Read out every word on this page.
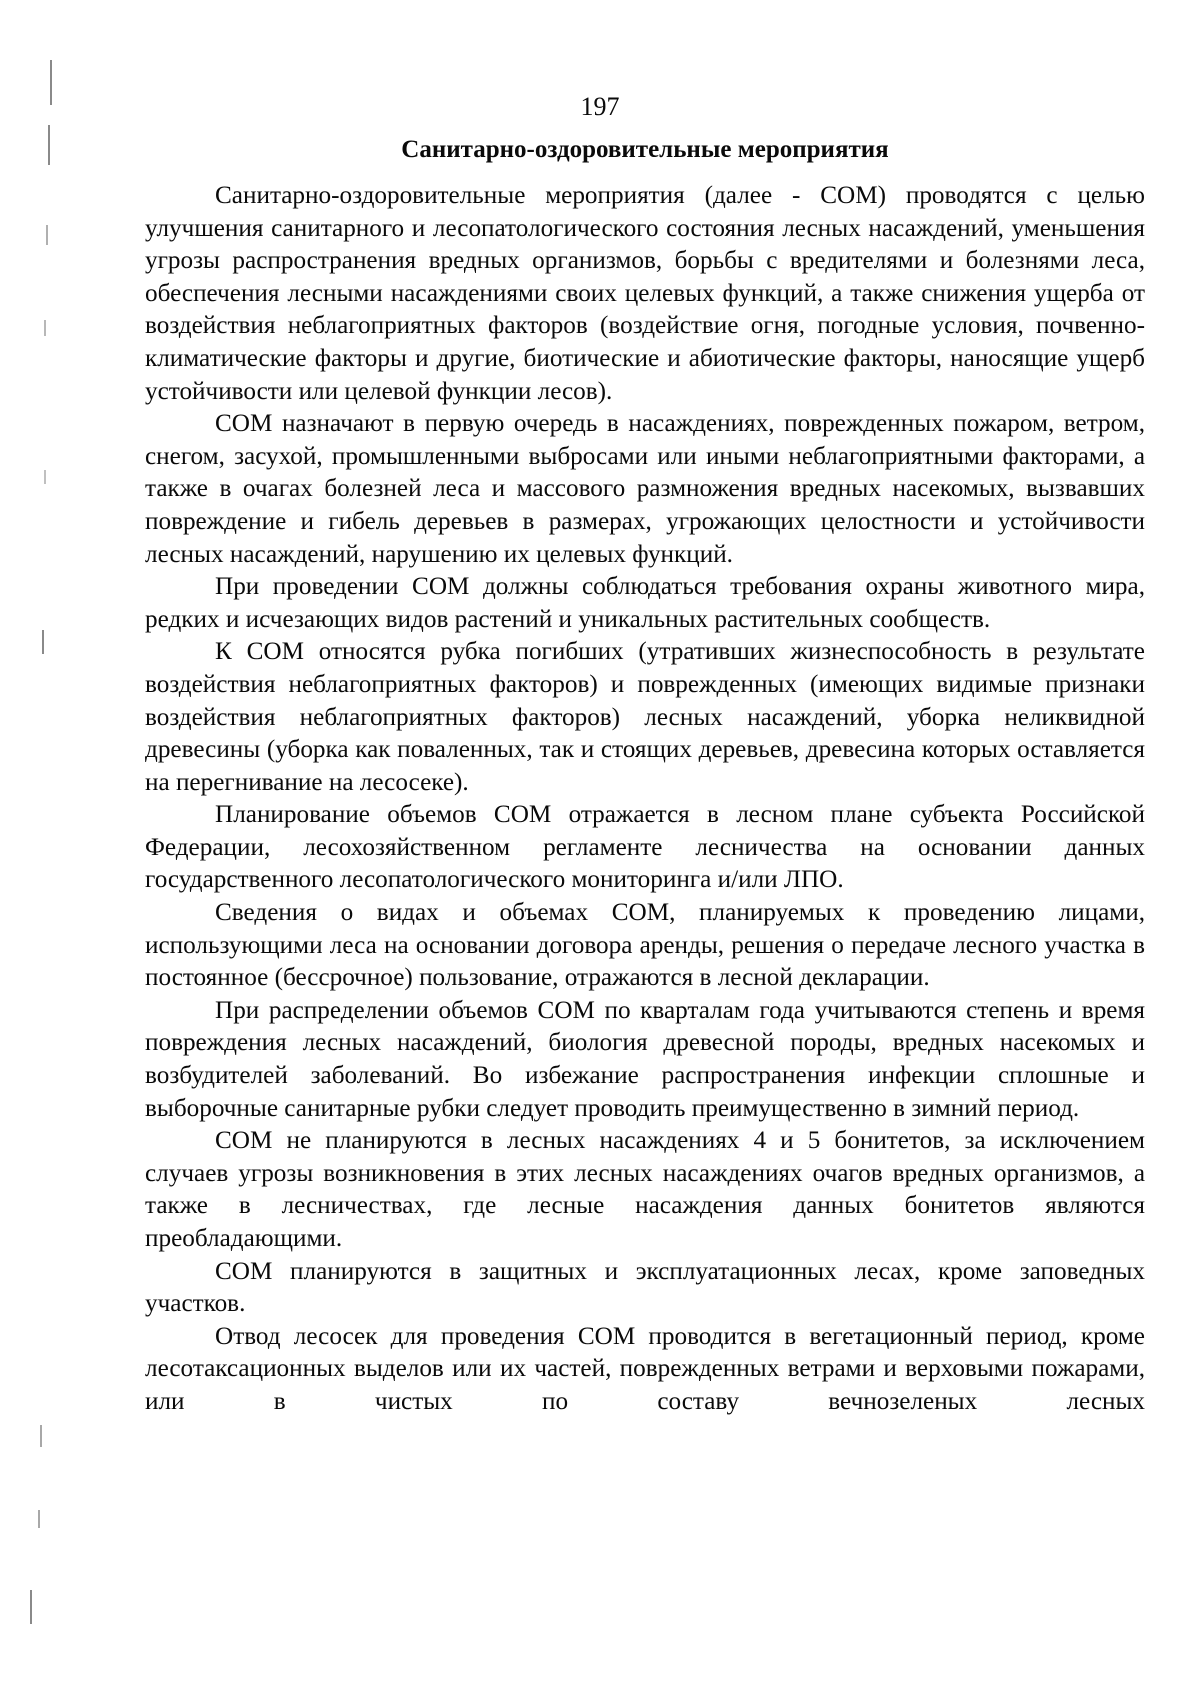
197
Санитарно-оздоровительные мероприятия

Санитарно-оздоровительные мероприятия (далее - СОМ) проводятся с целью улучшения санитарного и лесопатологического состояния лесных насаждений, уменьшения угрозы распространения вредных организмов, борьбы с вредителями и болезнями леса, обеспечения лесными насаждениями своих целевых функций, а также снижения ущерба от воздействия неблагоприятных факторов (воздействие огня, погодные условия, почвенно-климатические факторы и другие, биотические и абиотические факторы, наносящие ущерб устойчивости или целевой функции лесов).

СОМ назначают в первую очередь в насаждениях, поврежденных пожаром, ветром, снегом, засухой, промышленными выбросами или иными неблагоприятными факторами, а также в очагах болезней леса и массового размножения вредных насекомых, вызвавших повреждение и гибель деревьев в размерах, угрожающих целостности и устойчивости лесных насаждений, нарушению их целевых функций.

При проведении СОМ должны соблюдаться требования охраны животного мира, редких и исчезающих видов растений и уникальных растительных сообществ.

К СОМ относятся рубка погибших (утративших жизнеспособность в результате воздействия неблагоприятных факторов) и поврежденных (имеющих видимые признаки воздействия неблагоприятных факторов) лесных насаждений, уборка неликвидной древесины (уборка как поваленных, так и стоящих деревьев, древесина которых оставляется на перегнивание на лесосеке).

Планирование объемов СОМ отражается в лесном плане субъекта Российской Федерации, лесохозяйственном регламенте лесничества на основании данных государственного лесопатологического мониторинга и/или ЛПО.

Сведения о видах и объемах СОМ, планируемых к проведению лицами, использующими леса на основании договора аренды, решения о передаче лесного участка в постоянное (бессрочное) пользование, отражаются в лесной декларации.

При распределении объемов СОМ по кварталам года учитываются степень и время повреждения лесных насаждений, биология древесной породы, вредных насекомых и возбудителей заболеваний. Во избежание распространения инфекции сплошные и выборочные санитарные рубки следует проводить преимущественно в зимний период.

СОМ не планируются в лесных насаждениях 4 и 5 бонитетов, за исключением случаев угрозы возникновения в этих лесных насаждениях очагов вредных организмов, а также в лесничествах, где лесные насаждения данных бонитетов являются преобладающими.

СОМ планируются в защитных и эксплуатационных лесах, кроме заповедных участков.

Отвод лесосек для проведения СОМ проводится в вегетационный период, кроме лесотаксационных выделов или их частей, поврежденных ветрами и верховыми пожарами, или в чистых по составу вечнозеленых лесных
